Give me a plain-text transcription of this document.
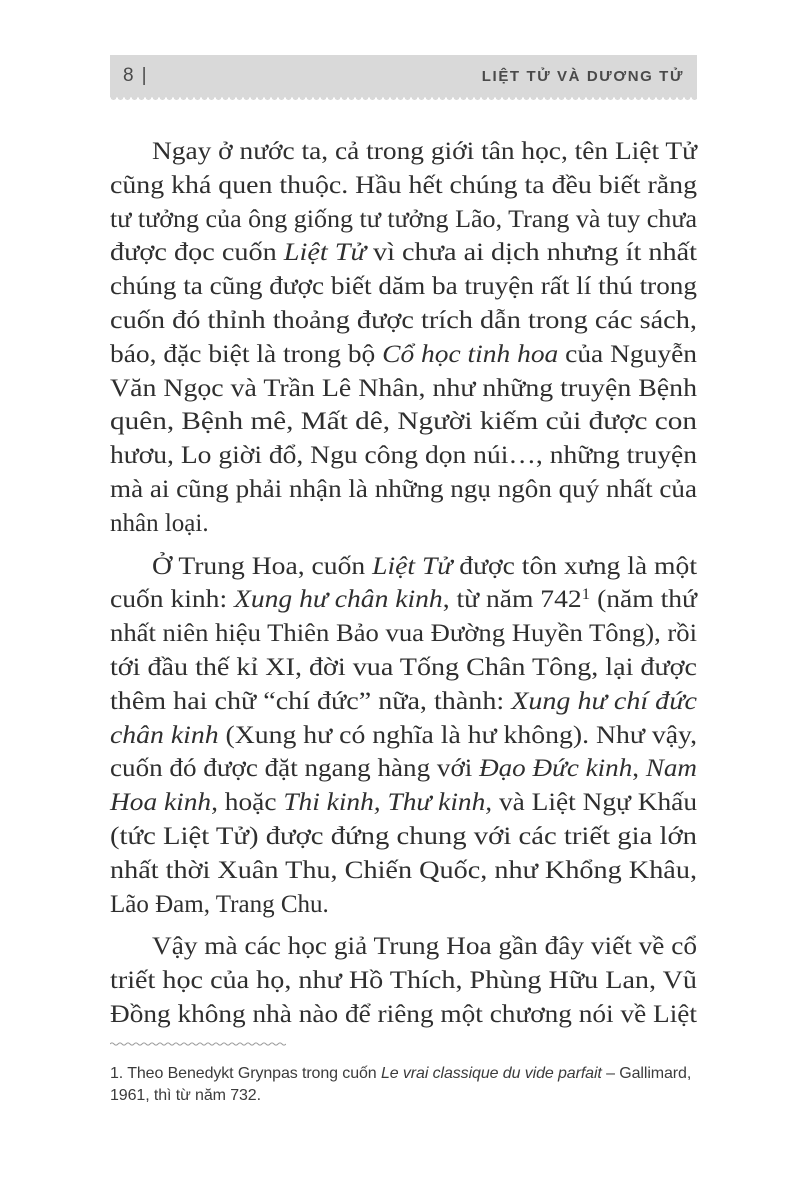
8 |	LIỆT TỬ VÀ DƯƠNG TỬ
Ngay ở nước ta, cả trong giới tân học, tên Liệt Tử
cũng khá quen thuộc. Hầu hết chúng ta đều biết rằng
tư tưởng của ông giống tư tưởng Lão, Trang và tuy chưa
được đọc cuốn Liệt Tử vì chưa ai dịch nhưng ít nhất
chúng ta cũng được biết dăm ba truyện rất lí thú trong
cuốn đó thỉnh thoảng được trích dẫn trong các sách,
báo, đặc biệt là trong bộ Cổ học tinh hoa của Nguyễn
Văn Ngọc và Trần Lê Nhân, như những truyện Bệnh
quên, Bệnh mê, Mất dê, Người kiếm củi được con
hươu, Lo giời đổ, Ngu công dọn núi…, những truyện
mà ai cũng phải nhận là những ngụ ngôn quý nhất của
nhân loại.
Ở Trung Hoa, cuốn Liệt Tử được tôn xưng là một
cuốn kinh: Xung hư chân kinh, từ năm $742^1$ (năm thứ
nhất niên hiệu Thiên Bảo vua Đường Huyền Tông), rồi
tới đầu thế kỉ XI, đời vua Tống Chân Tông, lại được
thêm hai chữ “chí đức” nữa, thành: Xung hư chí đức
chân kinh (Xung hư có nghĩa là hư không). Như vậy,
cuốn đó được đặt ngang hàng với Đạo Đức kinh, Nam
Hoa kinh, hoặc Thi kinh, Thư kinh, và Liệt Ngự Khấu
(tức Liệt Tử) được đứng chung với các triết gia lớn
nhất thời Xuân Thu, Chiến Quốc, như Khổng Khâu,
Lão Đam, Trang Chu.
Vậy mà các học giả Trung Hoa gần đây viết về cổ
triết học của họ, như Hồ Thích, Phùng Hữu Lan, Vũ
Đồng không nhà nào để riêng một chương nói về Liệt

1. Theo Benedykt Grynpas trong cuốn Le vrai classique du vide parfait – Gallimard, 1961, thì từ năm 732.
